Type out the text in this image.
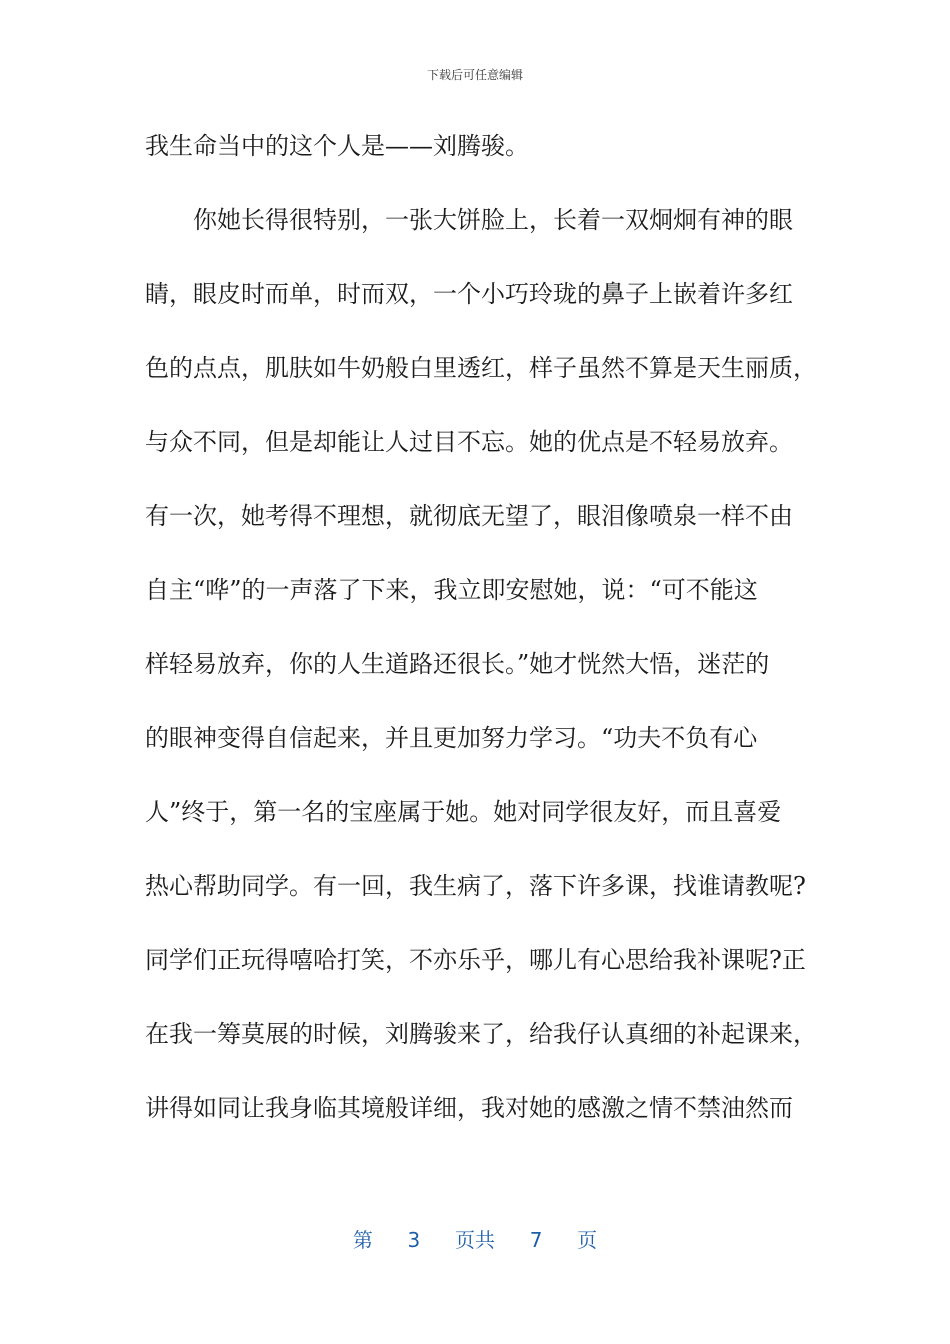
下载后可任意编辑
我生命当中的这个人是——刘腾骏。
　　你她长得很特别，一张大饼脸上，长着一双炯炯有神的眼
睛，眼皮时而单，时而双，一个小巧玲珑的鼻子上嵌着许多红
色的点点，肌肤如牛奶般白里透红，样子虽然不算是天生丽质，
与众不同，但是却能让人过目不忘。她的优点是不轻易放弃。
有一次，她考得不理想，就彻底无望了，眼泪像喷泉一样不由
自主“哗”的一声落了下来，我立即安慰她，说：“可不能这
样轻易放弃，你的人生道路还很长。”她才恍然大悟，迷茫的
的眼神变得自信起来，并且更加努力学习。“功夫不负有心
人”终于，第一名的宝座属于她。她对同学很友好，而且喜爱
热心帮助同学。有一回，我生病了，落下许多课，找谁请教呢?
同学们正玩得嘻哈打笑，不亦乐乎，哪儿有心思给我补课呢?正
在我一筹莫展的时候，刘腾骏来了，给我仔认真细的补起课来，
讲得如同让我身临其境般详细，我对她的感激之情不禁油然而
第 3 页共 7 页
